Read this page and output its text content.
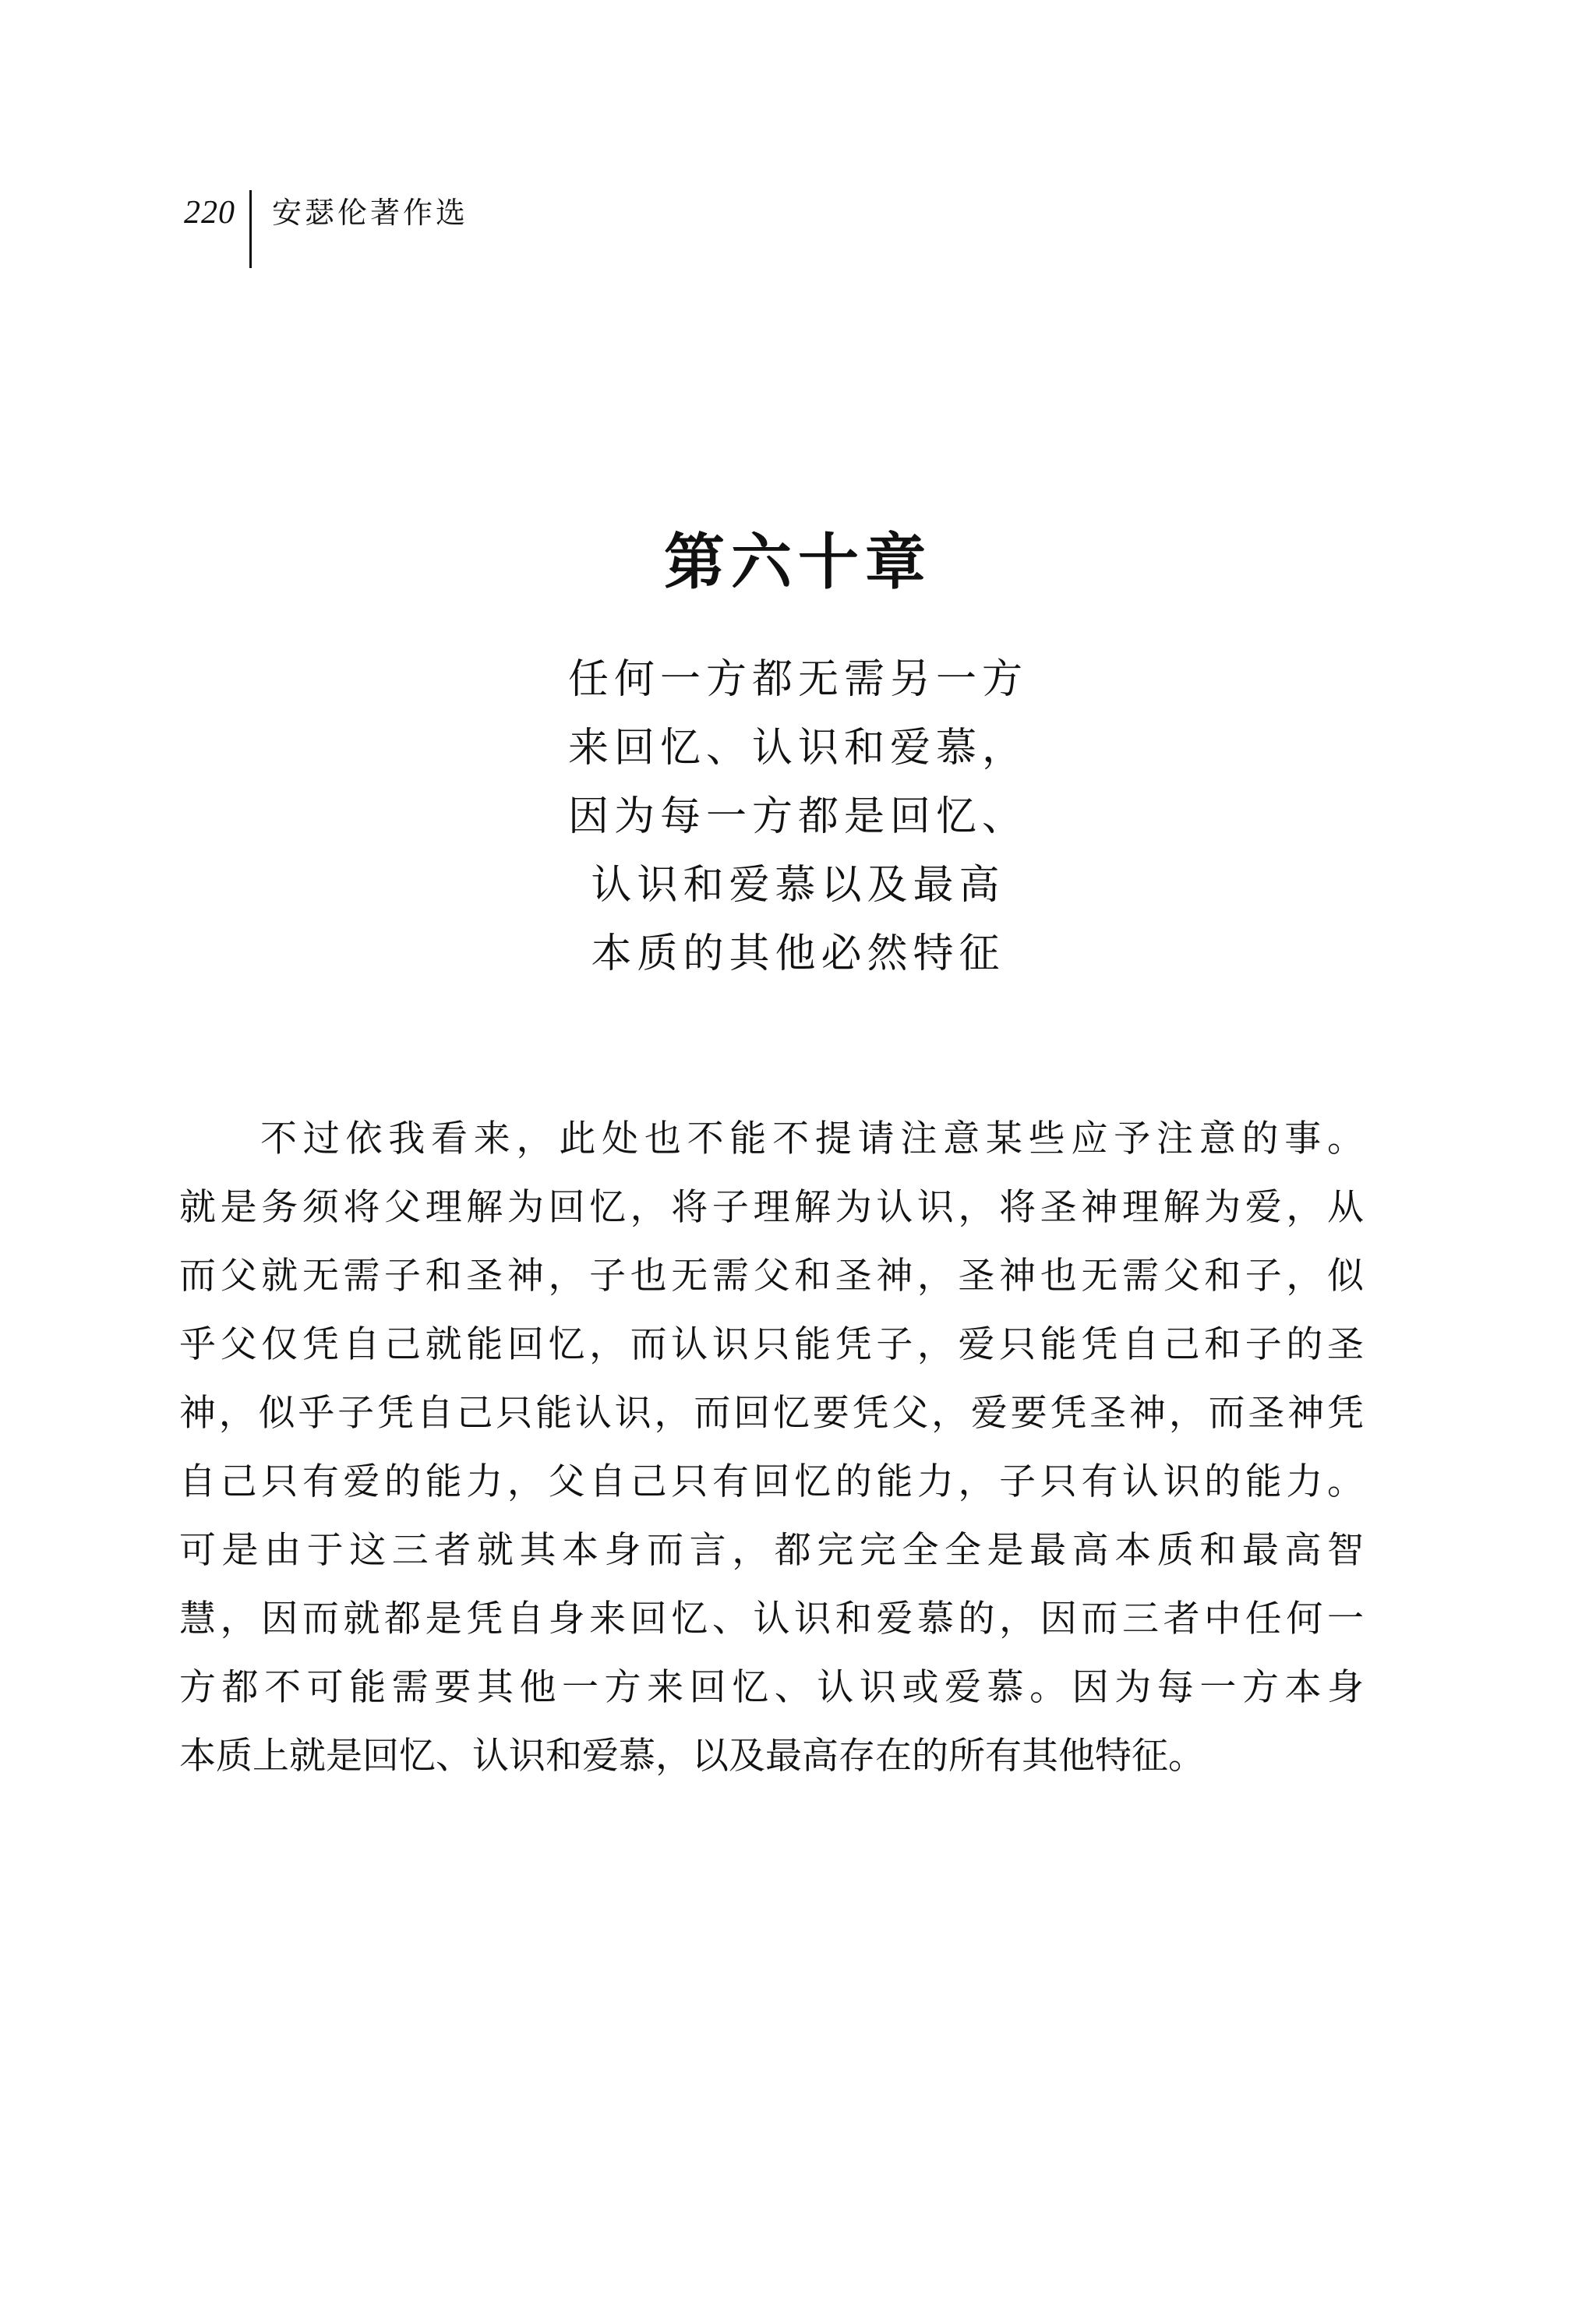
220	安瑟伦著作选
第六十章
任何一方都无需另一方
来回忆、认识和爱慕，
因为每一方都是回忆、
认识和爱慕以及最高
本质的其他必然特征
不过依我看来，此处也不能不提请注意某些应予注意的事。
就是务须将父理解为回忆，将子理解为认识，将圣神理解为爱，从
而父就无需子和圣神，子也无需父和圣神，圣神也无需父和子，似
乎父仅凭自己就能回忆，而认识只能凭子，爱只能凭自己和子的圣
神，似乎子凭自己只能认识，而回忆要凭父，爱要凭圣神，而圣神凭
自己只有爱的能力，父自己只有回忆的能力，子只有认识的能力。
可是由于这三者就其本身而言，都完完全全是最高本质和最高智
慧，因而就都是凭自身来回忆、认识和爱慕的，因而三者中任何一
方都不可能需要其他一方来回忆、认识或爱慕。因为每一方本身
本质上就是回忆、认识和爱慕，以及最高存在的所有其他特征。
